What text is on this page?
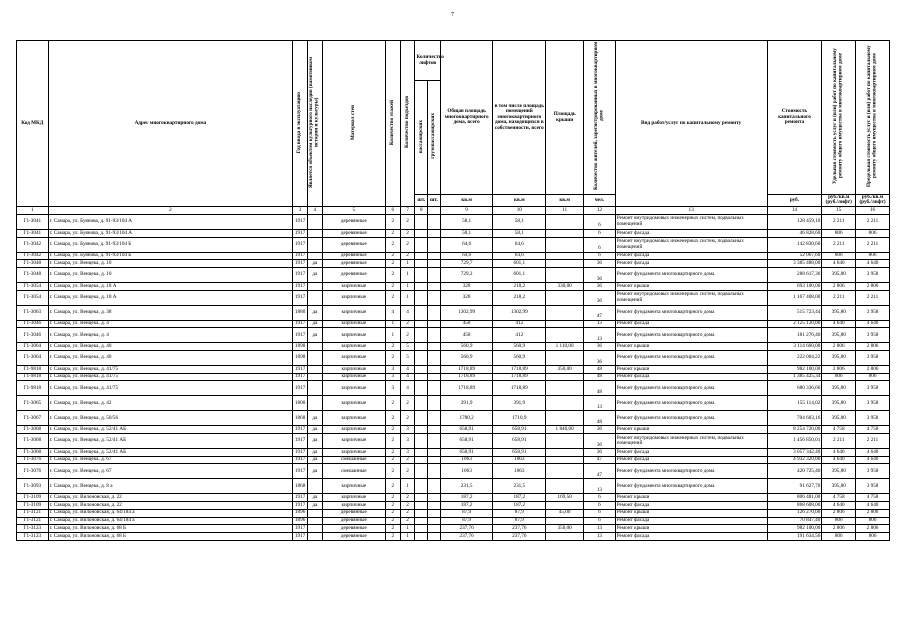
7
Код МКД	Адрес многоквартирного дома	Год ввода в эксплуатацию	Является объектом культурного наследия (памятником истории и культуры)	Материал стен	Количество этажей	Количество подъездов	Количество лифтов		Общая площадь многоквартирного дома, всего	в том числе площадь помещений многоквартирного дома, находящихся в собственности, всего	Площадь крыши	Количество жителей, зарегистрированных в многоквартирном доме	Вид работ/услуг по капитальному ремонту	Стоимость капитального ремонта	Удельная стоимость услуг и (или) работ по капитальному ремонту общего имущества в многоквартирном доме	Предельная стоимость услуг и (или) работ по капитальному ремонту общего имущества в многоквартирном доме
							пассажирских	грузопассажирских								
							шт.	шт.	кв.м	кв.м	кв.м	чел.		руб.	руб./кв.м (руб./лифт)	руб./кв.м (руб./лифт)
1	2	3	4	5	6	7	8		9	10	11	12	13	14	15	16
Г1-3041	г. Самара, ул. Буянова, д. 91-93/104 А	1917		деревянные	2	2			58,1	58,1		6	Ремонт внутридомовых инженерных систем, подвальных помещений	128 459,10	2 211	2 211
Г1-3041	г. Самара, ул. Буянова, д. 91-93/104 А	1917		деревянные	2	2			58,1	58,1		6	Ремонт фасада	46 828,60	806	806
Г1-3042	г. Самара, ул. Буянова, д. 91-93/104 Б	1917		деревянные	2	2			64,6	64,6		6	Ремонт внутридомовых инженерных систем, подвальных помещений	142 830,60	2 211	2 211
Г1-3042	г. Самара, ул. Буянова, д. 91-93/104 Б	1917		деревянные	2	2			64,6	64,6		6	Ремонт фасада	52 067,60	806	806
Г1-3048	г. Самара, ул. Венцека, д. 10	1917	да	деревянные	2	1			729,7	601,1		36	Ремонт фасада	3 385 488,00	4 640	4 640
Г1-3048	г. Самара, ул. Венцека, д. 10	1917	да	деревянные	2	1			729,2	601,1		36	Ремонт фундамента многоквартирного дома	288 617,36	395,80	3 958
Г1-3054	г. Самара, ул. Венцека, д. 18 А	1917		кирпичные	2	1			328	218,2	330,00	36	Ремонт крыши	693 100,00	2 806	2 806
Г1-3054	г. Самара, ул. Венцека, д. 18 А	1917		кирпичные	2	1			328	218,2		36	Ремонт внутридомовых инженерных систем, подвальных помещений	1 167 408,00	2 211	2 211
Г1-3063	г. Самара, ул. Венцека, д. 38	1880	да	кирпичные	4	4			1302,99	1302,99		47	Ремонт фундамента многоквартирного дома	515 723,44	395,80	3 958
Г1-3046	г. Самара, ул. Венцека, д. 4	1917	да	кирпичные	1	2			458	412		13	Ремонт фасада	2 125 120,00	4 640	4 640
Г1-3046	г. Самара, ул. Венцека, д. 4	1917	да	кирпичные	1	2			458	412		13	Ремонт фундамента многоквартирного дома	181 276,40	395,80	3 958
Г1-3064	г. Самара, ул. Венцека, д. 40	1898		кирпичные	2	5			560,9	560,9	1 110,00	36	Ремонт крыши	3 114 660,00	2 806	2 806
Г1-3064	г. Самара, ул. Венцека, д. 40	1898		кирпичные	2	5			560,9	560,9		36	Ремонт фундамента многоквартирного дома	222 004,22	395,80	3 958
Г1-9818	г. Самара, ул. Венцека, д. 41/75	1917		кирпичные	3	4			1718,89	1718,89	350,00	48	Ремонт крыши	982 100,00	2 806	2 806
Г1-9818	г. Самара, ул. Венцека, д. 41/75	1917		кирпичные	3	4			1718,89	1718,89		48	Ремонт фасада	1 385 425,34	806	806
Г1-9818	г. Самара, ул. Венцека, д. 41/75	1917		кирпичные	3	4			1718,89	1718,89		48	Ремонт фундамента многоквартирного дома	680 336,66	395,80	3 958
Г1-3065	г. Самара, ул. Венцека, д. 42	1800		кирпичные	2	2			391,9	391,9		13	Ремонт фундамента многоквартирного дома	155 114,02	395,80	3 958
Г1-3067	г. Самара, ул. Венцека, д. 50/56	1868	да	кирпичные	2	2			1780,2	1710,9		48	Ремонт фундамента многоквартирного дома	704 603,16	395,80	3 958
Г1-3068	г. Самара, ул. Венцека, д. 52/41 АБ	1917	да	кирпичные	2	3			658,91	658,91	1 840,00	36	Ремонт крыши	8 254 720,00	4 758	4 758
Г1-3068	г. Самара, ул. Венцека, д. 52/41 АБ	1917	да	кирпичные	2	3			658,91	658,91		36	Ремонт внутридомовых инженерных систем, подвальных помещений	1 456 850,01	2 211	2 211
Г1-3068	г. Самара, ул. Венцека, д. 52/41 АБ	1917	да	кирпичные	2	3			658,91	658,91		36	Ремонт фасада	3 057 342,40	4 640	4 640
Г1-3076	г. Самара, ул. Венцека, д. 67	1917	да	смешанные	2	2			1063	1063		47	Ремонт фасада	4 932 320,00	4 640	4 640
Г1-3076	г. Самара, ул. Венцека, д. 67	1917	да	смешанные	2	2			1063	1063		47	Ремонт фундамента многоквартирного дома	420 725,40	395,80	3 958
Г1-3093	г. Самара, ул. Венцека, д. 8 а	1868		кирпичные	2	1			231,5	231,5		13	Ремонт фундамента многоквартирного дома	91 627,70	395,80	3 958
Г1-3109	г. Самара, ул. Вилоновская, д. 22	1917	да	кирпичные	2	2			187,2	187,2	169,50	6	Ремонт крыши	806 481,00	4 758	4 758
Г1-3109	г. Самара, ул. Вилоновская, д. 22	1917	да	кирпичные	2	2			187,2	187,2		6	Ремонт фасада	868 608,00	4 640	4 640
Г1-3121	г. Самара, ул. Вилоновская, д. 64/184 а	1896		деревянные	2	2			87,9	87,9	45,00	6	Ремонт крыши	126 270,00	2 806	2 806
Г1-3121	г. Самара, ул. Вилоновская, д. 64/184 а	1896		деревянные	2	2			87,9	87,9		6	Ремонт фасада	70 847,40	806	806
Г1-3123	г. Самара, ул. Вилоновская, д. 68 Б	1917		деревянные	2	1			237,76	237,76	350,00	13	Ремонт крыши	982 100,00	2 806	2 806
Г1-3123	г. Самара, ул. Вилоновская, д. 68 Б	1917		деревянные	2	1			237,76	237,76		13	Ремонт фасада	191 634,56	806	806
